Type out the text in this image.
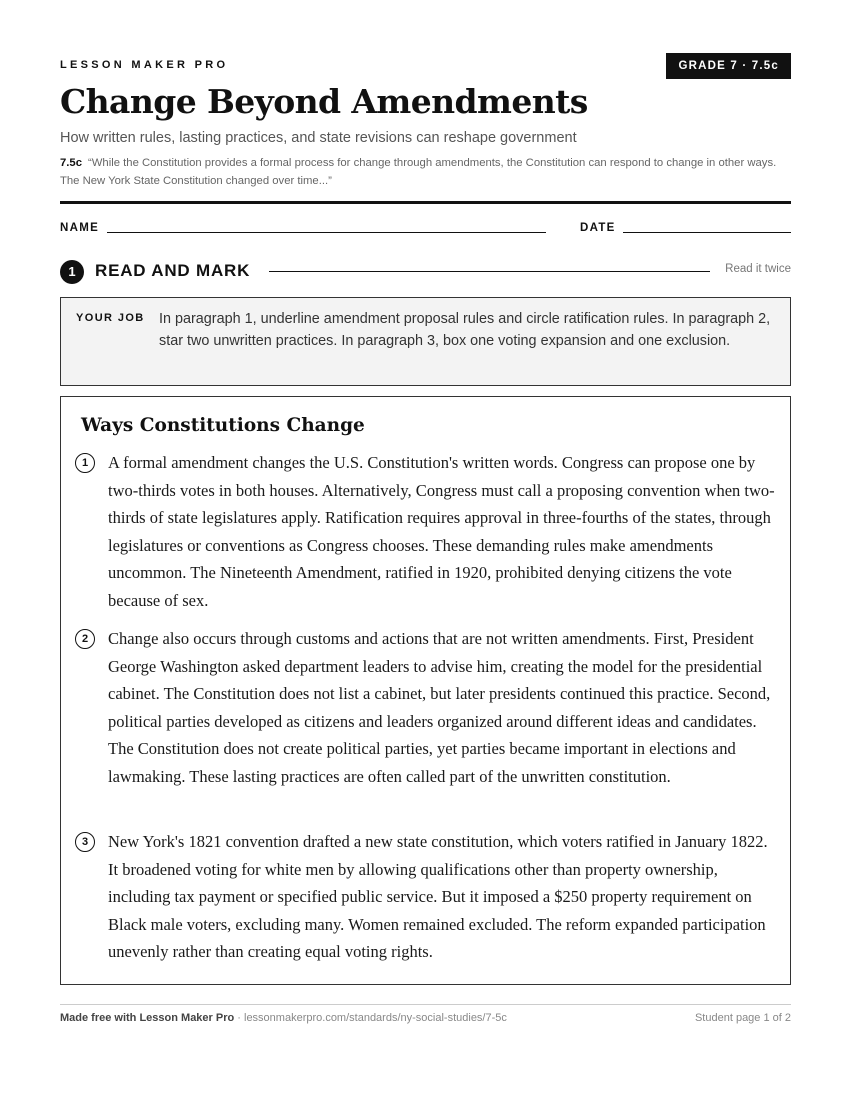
LESSON MAKER PRO	GRADE 7 · 7.5c
Change Beyond Amendments
How written rules, lasting practices, and state revisions can reshape government
7.5c “While the Constitution provides a formal process for change through amendments, the Constitution can respond to change in other ways. The New York State Constitution changed over time...”
NAME	DATE
1	READ AND MARK	Read it twice
YOUR JOB In paragraph 1, underline amendment proposal rules and circle ratification rules. In paragraph 2, star two unwritten practices. In paragraph 3, box one voting expansion and one exclusion.
Ways Constitutions Change
1	A formal amendment changes the U.S. Constitution's written words. Congress can propose one by two-thirds votes in both houses. Alternatively, Congress must call a proposing convention when two-thirds of state legislatures apply. Ratification requires approval in three-fourths of the states, through legislatures or conventions as Congress chooses. These demanding rules make amendments uncommon. The Nineteenth Amendment, ratified in 1920, prohibited denying citizens the vote because of sex.
2	Change also occurs through customs and actions that are not written amendments. First, President George Washington asked department leaders to advise him, creating the model for the presidential cabinet. The Constitution does not list a cabinet, but later presidents continued this practice. Second, political parties developed as citizens and leaders organized around different ideas and candidates. The Constitution does not create political parties, yet parties became important in elections and lawmaking. These lasting practices are often called part of the unwritten constitution.
3	New York's 1821 convention drafted a new state constitution, which voters ratified in January 1822. It broadened voting for white men by allowing qualifications other than property ownership, including tax payment or specified public service. But it imposed a $250 property requirement on Black male voters, excluding many. Women remained excluded. The reform expanded participation unevenly rather than creating equal voting rights.
Made free with Lesson Maker Pro · lessonmakerpro.com/standards/ny-social-studies/7-5c	Student page 1 of 2
